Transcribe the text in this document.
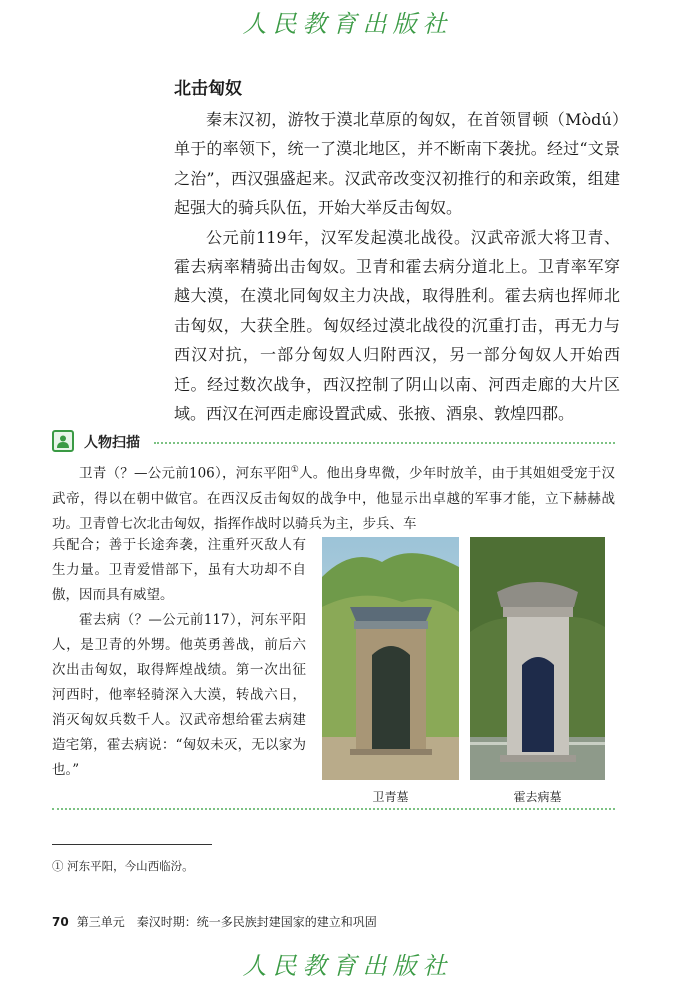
人民教育出版社
北击匈奴

秦末汉初，游牧于漠北草原的匈奴，在首领冒顿（Mòdú）单于的率领下，统一了漠北地区，并不断南下袭扰。经过“文景之治”，西汉强盛起来。汉武帝改变汉初推行的和亲政策，组建起强大的骑兵队伍，开始大举反击匈奴。

公元前119年，汉军发起漠北战役。汉武帝派大将卫青、霍去病率精骑出击匈奴。卫青和霍去病分道北上。卫青率军穿越大漠，在漠北同匈奴主力决战，取得胜利。霍去病也挥师北击匈奴，大获全胜。匈奴经过漠北战役的沉重打击，再无力与西汉对抗，一部分匈奴人归附西汉，另一部分匈奴人开始西迁。经过数次战争，西汉控制了阴山以南、河西走廊的大片区域。西汉在河西走廊设置武威、张掖、酒泉、敦煌四郡。

人物扫描

卫青（？—公元前106），河东平阳①人。他出身卑微，少年时放羊，由于其姐姐受宠于汉武帝，得以在朝中做官。在西汉反击匈奴的战争中，他显示出卓越的军事才能，立下赫赫战功。卫青曾七次北击匈奴，指挥作战时以骑兵为主，步兵、车

兵配合；善于长途奔袭，注重歼灭敌人有生力量。卫青爱惜部下，虽有大功却不自傲，因而具有威望。

霍去病（？—公元前117），河东平阳人，是卫青的外甥。他英勇善战，前后六次出击匈奴，取得辉煌战绩。第一次出征河西时，他率轻骑深入大漠，转战六日，消灭匈奴兵数千人。汉武帝想给霍去病建造宅第，霍去病说：“匈奴未灭，无以家为也。”

卫青墓	霍去病墓
① 河东平阳，今山西临汾。
70 第三单元　秦汉时期：统一多民族封建国家的建立和巩固
人民教育出版社
